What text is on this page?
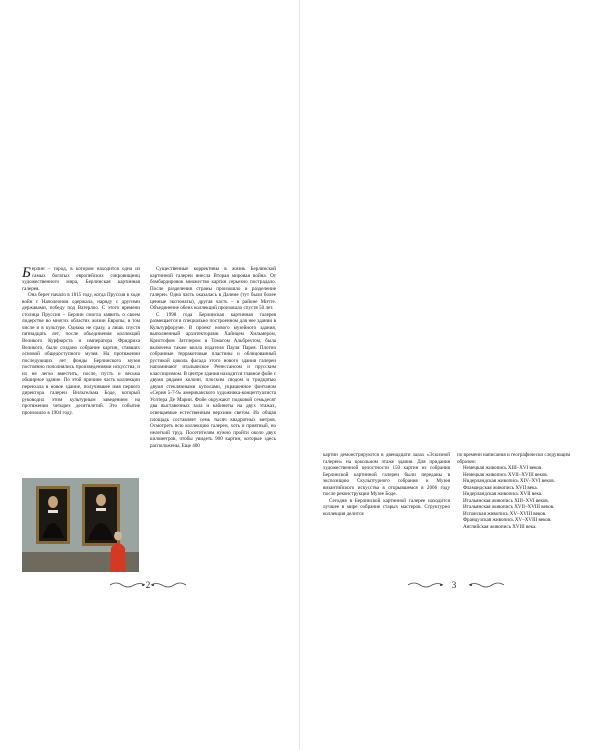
Берлин – город, в котором находится одна из самых богатых европейских сокровищниц художественного мира, Берлинская картинная галерея.

Она берет начало в 1815 году, когда Пруссия в ходе войн с Наполеоном одержала, наряду с другими державами, победу под Ватерлоо. С этого времени столица Пруссии – Берлин смогла заявить о своем лидерстве во многих областях жизни Европы, в том числе и в культуре. Однако не сразу, а лишь спустя пятнадцать лет, после объединения коллекций Великого Курфюрста и императора Фридриха Великого, было создано собрание картин, ставших основой общедоступного музея. На протяжении последующих лет фонды Берлинского музея постоянно пополнялись произведениями искусства, и их не легко вместить, после, пусть и весьма обширное здание. По этой причине часть коллекции переехала в новое здание, получившее имя первого директора галереи Вильгельма Боде, который руководил этим культурным заведением на протяжении четырех десятилетий. Это событие произошло в 1904 году.

Существенные коррективы в жизнь Берлинской картинной галереи внесла Вторая мировая война. От бомбардировок множество картин серьезно пострадало. После разделения страны произошло и разделение галереи. Одна часть оказалась в Далеме (тут были более ценные экспонаты), другая часть – в районе Митте. Объединение обеих коллекций произошло спустя 50 лет.

С 1998 года Берлинская картинная галерея размещается в специально построенном для нее здании в Культурфоруме. В проект нового музейного здания, выполненный архитекторами Хайнцем Хильмером, Кристофом Заттлером и Томасом Альбрехтом, была включена также вилла издателя Пауля Парея. Плотно собранные терракотовые пластины и облицованный рустикой цоколь фасада этого нового здания галереи напоминают итальянское Ренессансом и прусским классицизмом. В центре здания находится главное фойе с двумя рядами колонн, плоским сводом и тридцатью двумя стеклянными куполами, украшенное фонтаном «Серия 5-7-9» американского художника-концептуалиста Уолтера Де Марии. Фойе окружают подковой семьдесят два выставочных зала и кабинеты на двух этажах, освещаемые естественным верхним светом. Их общая площадь составляет семь тысяч квадратных метров. Осмотреть всю коллекцию галереи, хоть и приятный, но нелегкий труд. Посетителям нужно пройти около двух километров, чтобы увидеть 900 картин, которые здесь расположены. Еще 400

2

картин демонстрируются в двенадцати залах «Эскизной галереи» на цокольном этаже здания. Для придания художественной целостности 150 картин из собрания Берлинской картинной галереи были переданы в экспозицию Скульптурного собрания и Музея византийского искусства в открывшемся в 2006 году после реконструкции Музее Боде.

Сегодня в Берлинской картинной галерее находится лучшее в мире собрание старых мастеров. Структурно коллекция делится

по времени написания и географически следующим образом:

Немецкая живопись XIII–XVI веков.
Немецкая живопись XVII–XVIII веков.
Нидерландская живопись XIV–XVI веков.
Фламандская живопись XVII века.
Нидерландская живопись XVII века.
Итальянская живопись XIII–XVI веков.
Итальянская живопись XVII–XVIII веков.
Испанская живопись XV–XVIII веков.
Французская живопись XV–XVIII веков.
Английская живопись XVIII века.
3
